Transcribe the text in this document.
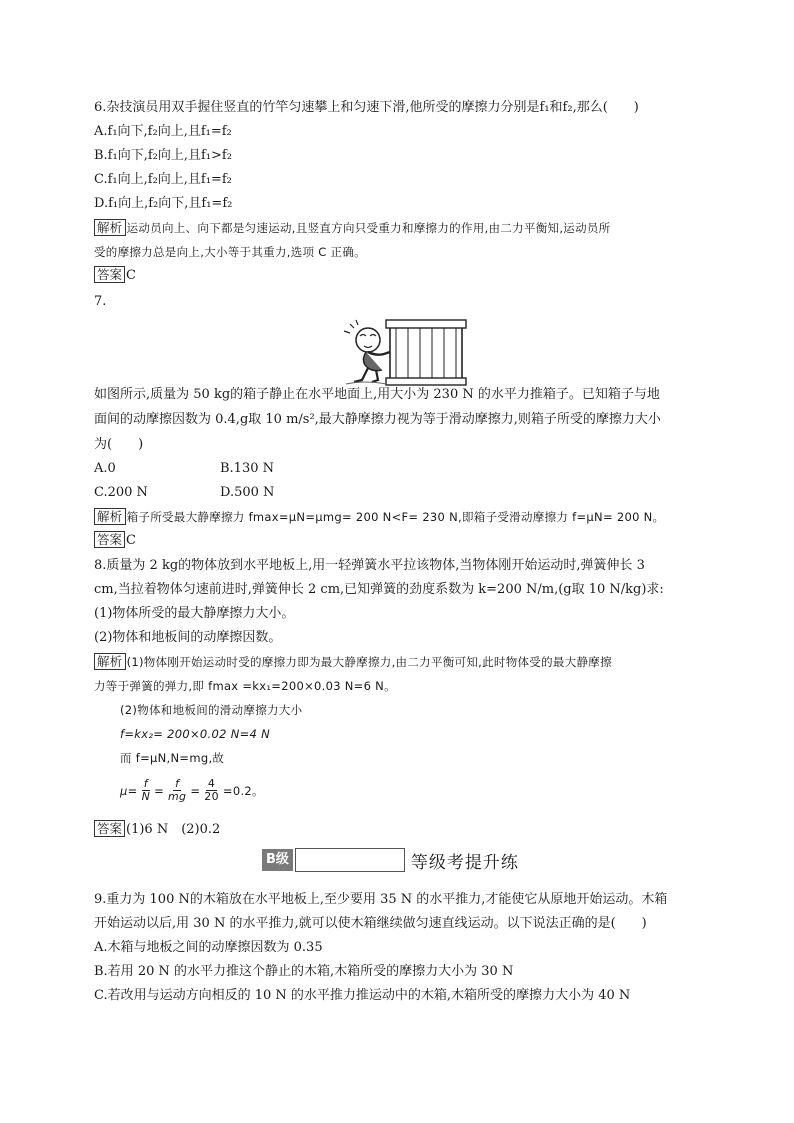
6.杂技演员用双手握住竖直的竹竿匀速攀上和匀速下滑,他所受的摩擦力分别是f₁和f₂,那么(　　)
A.f₁向下,f₂向上,且f₁=f₂
B.f₁向下,f₂向上,且f₁>f₂
C.f₁向上,f₂向上,且f₁=f₂
D.f₁向上,f₂向下,且f₁=f₂
解析 运动员向上、向下都是匀速运动,且竖直方向只受重力和摩擦力的作用,由二力平衡知,运动员所
受的摩擦力总是向上,大小等于其重力,选项 C 正确。
答案 C
7.
如图所示,质量为 50 kg的箱子静止在水平地面上,用大小为 230 N 的水平力推箱子。已知箱子与地
面间的动摩擦因数为 0.4,g取 10 m/s²,最大静摩擦力视为等于滑动摩擦力,则箱子所受的摩擦力大小
为(　　)
A.0	B.130 N
C.200 N	D.500 N
解析 箱子所受最大静摩擦力 fmax=μN=μmg= 200 N<F= 230 N,即箱子受滑动摩擦力 f=μN= 200 N。
答案 C
8.质量为 2 kg的物体放到水平地板上,用一轻弹簧水平拉该物体,当物体刚开始运动时,弹簧伸长 3
cm,当拉着物体匀速前进时,弹簧伸长 2 cm,已知弹簧的劲度系数为 k=200 N/m,(g取 10 N/kg)求:
(1)物体所受的最大静摩擦力大小。
(2)物体和地板间的动摩擦因数。
解析 (1)物体刚开始运动时受的摩擦力即为最大静摩擦力,由二力平衡可知,此时物体受的最大静摩擦
力等于弹簧的弹力,即 fmax =kx₁=200×0.03 N=6 N。
(2)物体和地板间的滑动摩擦力大小
f=kx₂= 200×0.02 N=4 N
而 f=μN,N=mg,故
$\mu= \frac{f}{N} = \frac{f}{mg} = \frac{4}{20} =0.2$。
答案 (1)6 N　(2)0.2
B级	等级考提升练
9.重力为 100 N的木箱放在水平地板上,至少要用 35 N 的水平推力,才能使它从原地开始运动。木箱
开始运动以后,用 30 N 的水平推力,就可以使木箱继续做匀速直线运动。以下说法正确的是(　　)
A.木箱与地板之间的动摩擦因数为 0.35
B.若用 20 N 的水平力推这个静止的木箱,木箱所受的摩擦力大小为 30 N
C.若改用与运动方向相反的 10 N 的水平推力推运动中的木箱,木箱所受的摩擦力大小为 40 N
